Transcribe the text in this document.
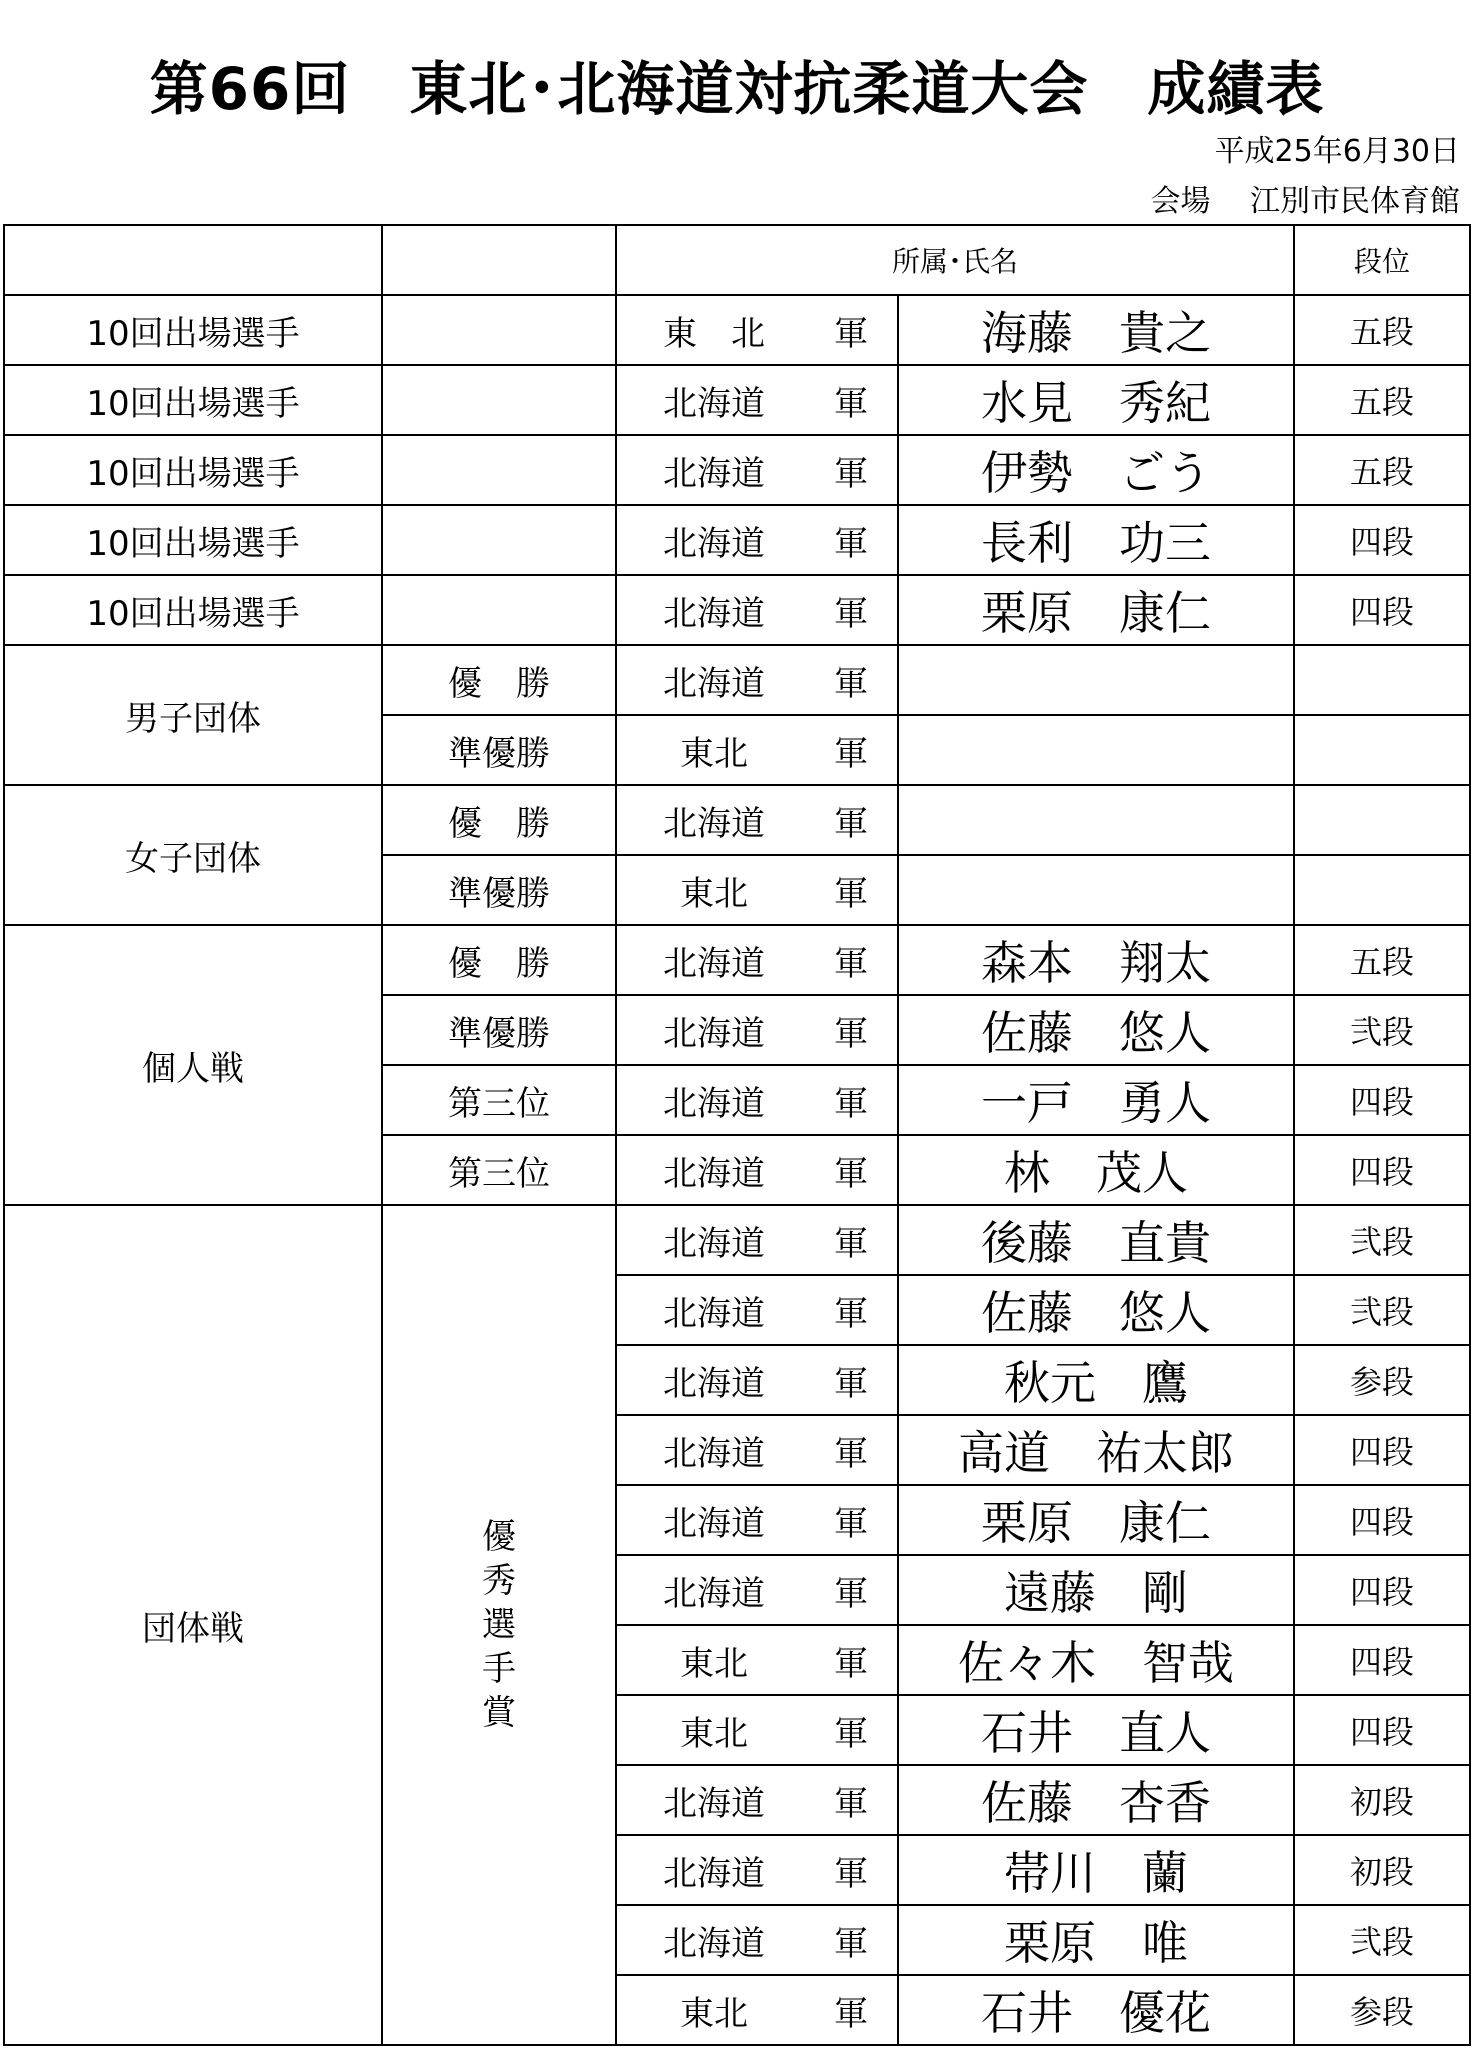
第66回　東北･北海道対抗柔道大会　成績表
平成25年6月30日
会場　 江別市民体育館
		所属･氏名		段位
10回出場選手		東　北 軍	海藤　貴之	五段
10回出場選手		北海道 軍	水見　秀紀	五段
10回出場選手		北海道 軍	伊勢　ごう	五段
10回出場選手		北海道 軍	長利　功三	四段
10回出場選手		北海道 軍	栗原　康仁	四段
男子団体	優　勝	北海道 軍		
	準優勝	東北 軍		
女子団体	優　勝	北海道 軍		
	準優勝	東北 軍		
個人戦	優　勝	北海道 軍	森本　翔太	五段
	準優勝	北海道 軍	佐藤　悠人	弐段
	第三位	北海道 軍	一戸　勇人	四段
	第三位	北海道 軍	林　茂人	四段
団体戦	優秀選手賞	北海道 軍	後藤　直貴	弐段
		北海道 軍	佐藤　悠人	弐段
		北海道 軍	秋元　鷹	参段
		北海道 軍	高道　祐太郎	四段
		北海道 軍	栗原　康仁	四段
		北海道 軍	遠藤　剛	四段
		東北 軍	佐々木　智哉	四段
		東北 軍	石井　直人	四段
		北海道 軍	佐藤　杏香	初段
		北海道 軍	帯川　蘭	初段
		北海道 軍	栗原　唯	弐段
		東北 軍	石井　優花	参段
